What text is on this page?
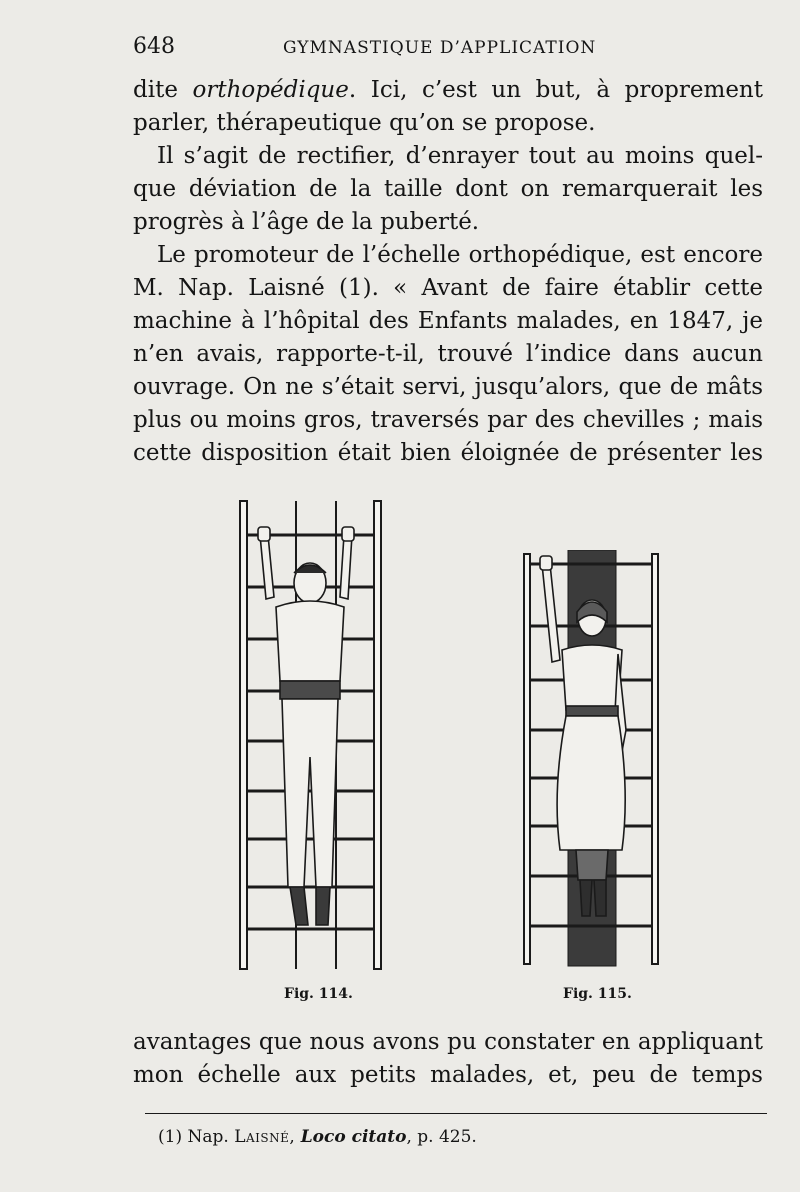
648	GYMNASTIQUE D’APPLICATION
dite orthopédique. Ici, c’est un but, à proprement
parler, thérapeutique qu’on se propose.
Il s’agit de rectifier, d’enrayer tout au moins quel-
que déviation de la taille dont on remarquerait les
progrès à l’âge de la puberté.
Le promoteur de l’échelle orthopédique, est encore
M. Nap. Laisné (1). « Avant de faire établir cette
machine à l’hôpital des Enfants malades, en 1847, je
n’en avais, rapporte-t-il, trouvé l’indice dans aucun
ouvrage. On ne s’était servi, jusqu’alors, que de mâts
plus ou moins gros, traversés par des chevilles ; mais
cette disposition était bien éloignée de présenter les
Fig. 114.	Fig. 115.
avantages que nous avons pu constater en appliquant
mon échelle aux petits malades, et, peu de temps
(1) Nap. Laisné, Loco citato, p. 425.
